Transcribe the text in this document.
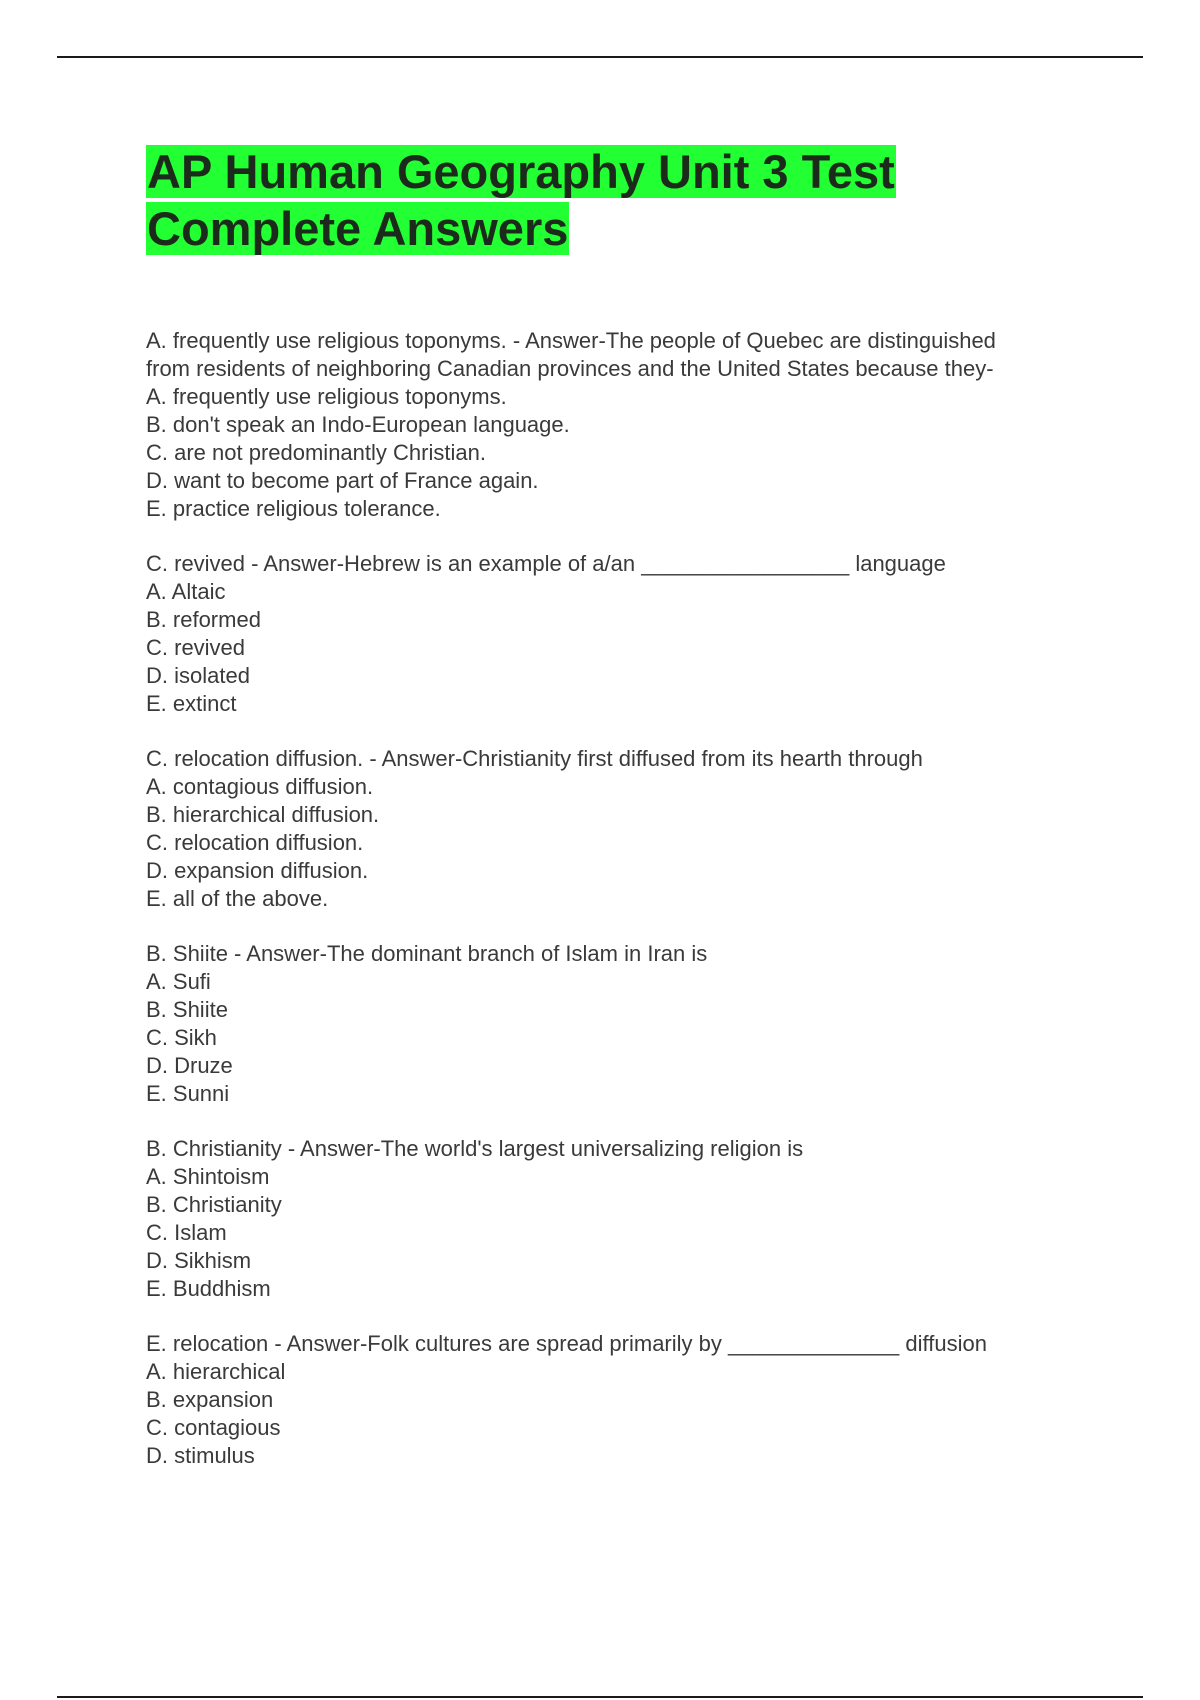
AP Human Geography Unit 3 Test
Complete Answers

A. frequently use religious toponyms. - Answer-The people of Quebec are distinguished from residents of neighboring Canadian provinces and the United States because they-

A. frequently use religious toponyms.

B. don't speak an Indo-European language.

C. are not predominantly Christian.

D. want to become part of France again.

E. practice religious tolerance.

C. revived - Answer-Hebrew is an example of a/an _________________ language

A. Altaic

B. reformed

C. revived

D. isolated

E. extinct

C. relocation diffusion. - Answer-Christianity first diffused from its hearth through

A. contagious diffusion.

B. hierarchical diffusion.

C. relocation diffusion.

D. expansion diffusion.

E. all of the above.

B. Shiite - Answer-The dominant branch of Islam in Iran is

A. Sufi

B. Shiite

C. Sikh

D. Druze

E. Sunni

B. Christianity - Answer-The world's largest universalizing religion is

A. Shintoism

B. Christianity

C. Islam

D. Sikhism

E. Buddhism

E. relocation - Answer-Folk cultures are spread primarily by ______________ diffusion

A. hierarchical

B. expansion

C. contagious

D. stimulus
